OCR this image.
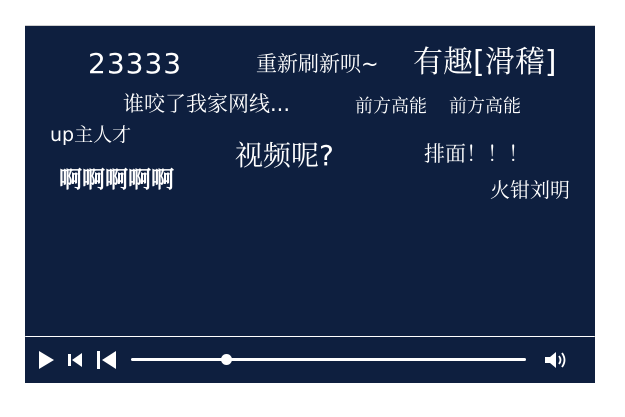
23333	重新刷新呗~ 有趣[滑稽]
谁咬了我家网线...	前方高能 前方高能
up主人才
视频呢?	排面！！！
啊啊啊啊啊	火钳刘明
